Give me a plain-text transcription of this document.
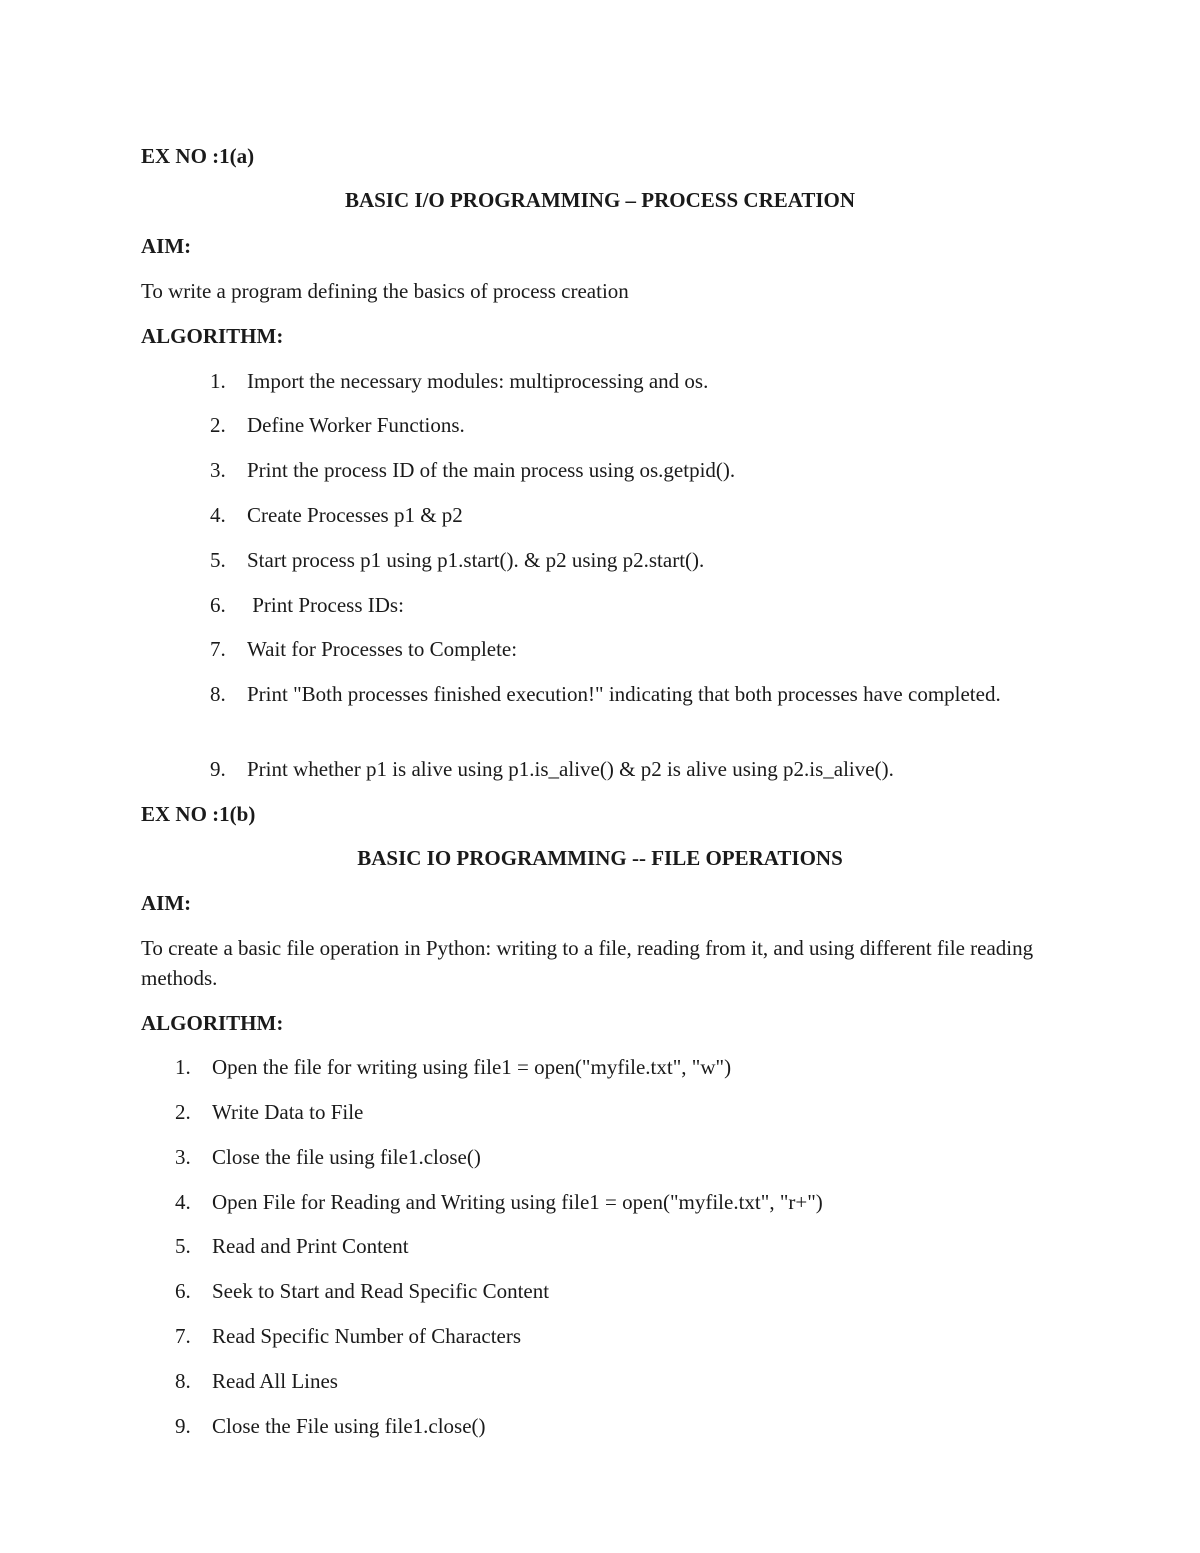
EX NO :1(a)
BASIC I/O PROGRAMMING – PROCESS CREATION
AIM:
To write a program defining the basics of process creation
ALGORITHM:
1. Import the necessary modules: multiprocessing and os.
2. Define Worker Functions.
3. Print the process ID of the main process using os.getpid().
4. Create Processes p1 & p2
5. Start process p1 using p1.start(). & p2 using p2.start().
6. Print Process IDs:
7. Wait for Processes to Complete:
8. Print "Both processes finished execution!" indicating that both processes have completed.
9. Print whether p1 is alive using p1.is_alive() & p2 is alive using p2.is_alive().
EX NO :1(b)
BASIC IO PROGRAMMING -- FILE OPERATIONS
AIM:
To create a basic file operation in Python: writing to a file, reading from it, and using different file reading methods.
ALGORITHM:
1. Open the file for writing using file1 = open("myfile.txt", "w")
2. Write Data to File
3. Close the file using file1.close()
4. Open File for Reading and Writing using file1 = open("myfile.txt", "r+")
5. Read and Print Content
6. Seek to Start and Read Specific Content
7. Read Specific Number of Characters
8. Read All Lines
9. Close the File using file1.close()
